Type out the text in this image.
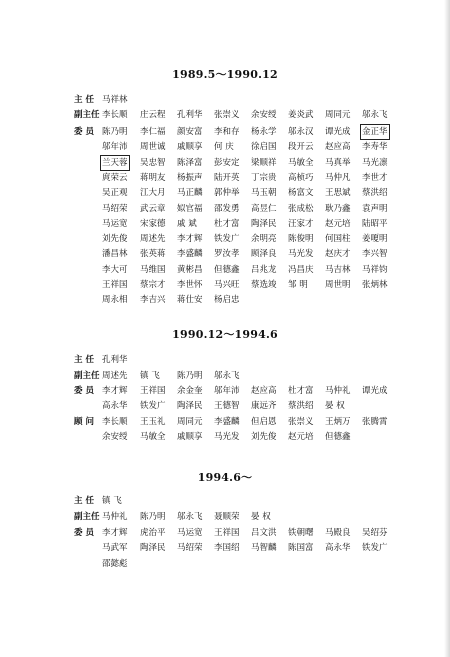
1989.5～1990.12
主 任 马祥林
副主任 李长顺 庄云程 孔利华 张崇义 余安绶 姜炎武 周同元 邬永飞
委 员 陈乃明 李仁福 颜安富 李和存 杨永学 邬永汉 谭光成 金正华
邬年沛 周世诚 戚顺享 何 庆 徐启国 段开云 赵应高 李寿华
兰天蓉 吴忠智 陈泽富 彭安定 梁顺祥 马敏全 马真举 马光凛
庹荣云 蒋明友 杨振声 陆开英 丁宗贵 高桢巧 马仲凡 李世才
吴正观 江大月 马正麟 郭仲举 马玉朝 杨富文 王思斌 蔡洪绍
马绍荣 武云章 姒官福 邵发勇 高昱仁 张成松 耿乃鑫 袁声明
马运宽 宋家德 戚 斌 杜才富 陶泽民 汪家才 赵元培 陆昭平
刘先俊 周述先 李才辉 铁发广 余明亮 陈俊明 何国柱 姜嗄明
潘昌林 张英蒋 李盛麟 罗汝孝 顾泽良 马光发 赵庆才 李兴智
李大可 马维国 黄彬昌 但德鑫 吕兆龙 冯昌庆 马吉林 马祥钧
王祥国 蔡宗才 李世怀 马兴旺 蔡选竣 邹 明 周世明 张炳林
周永相 李吉兴 蒋仕安 杨启忠
1990.12～1994.6
主 任 孔利华
副主任 周述先 镇 飞 陈乃明 邬永飞
委 员 李才辉 王祥国 余金奎 邬年沛 赵应高 杜才富 马仲礼 谭光成
高永华 铁发广 陶泽民 王德智 康远齐 蔡洪绍 晏 权
顾 问 李长顺 王玉礼 周同元 李盛麟 但启恩 张崇义 王炳万 张腾霄
余安绶 马敏全 戚顺享 马光发 刘先俊 赵元培 但德鑫
1994.6～
主 任 镇 飞
副主任 马仲礼 陈乃明 邬永飞 聂顺荣 晏 权
委 员 李才辉 虎治平 马运宽 王祥国 吕文洪 铁朝曙 马殿良 吴绍芬
马武军 陶泽民 马绍荣 李国绍 马智麟 陈国富 高永华 铁发广
邵懿彪
